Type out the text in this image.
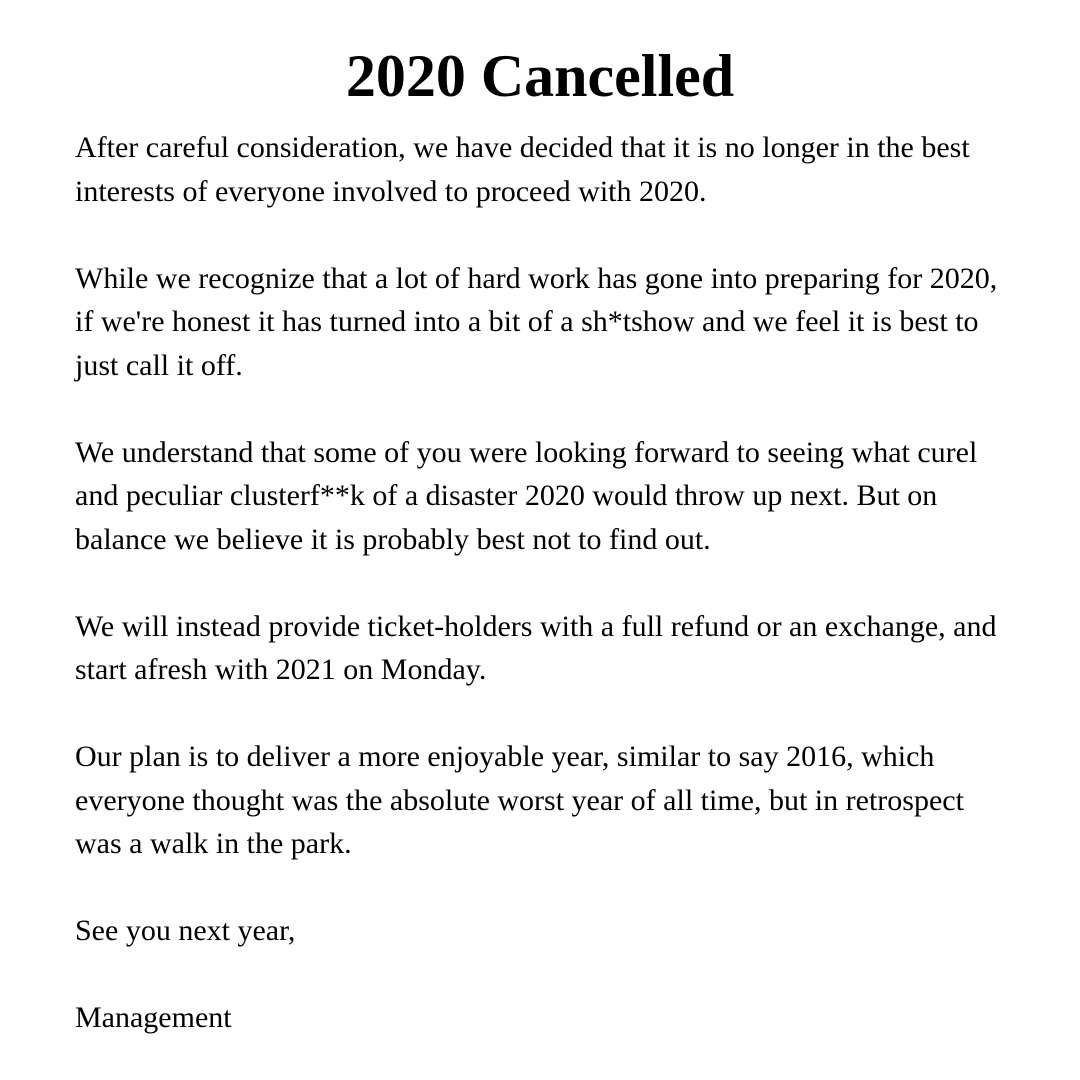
2020 Cancelled

After careful consideration, we have decided that it is no longer in the best interests of everyone involved to proceed with 2020.

While we recognize that a lot of hard work has gone into preparing for 2020, if we're honest it has turned into a bit of a sh*tshow and we feel it is best to just call it off.

We understand that some of you were looking forward to seeing what curel and peculiar clusterf**k of a disaster 2020 would throw up next. But on balance we believe it is probably best not to find out.

We will instead provide ticket-holders with a full refund or an exchange, and start afresh with 2021 on Monday.

Our plan is to deliver a more enjoyable year, similar to say 2016, which everyone thought was the absolute worst year of all time, but in retrospect was a walk in the park.

See you next year,

Management
